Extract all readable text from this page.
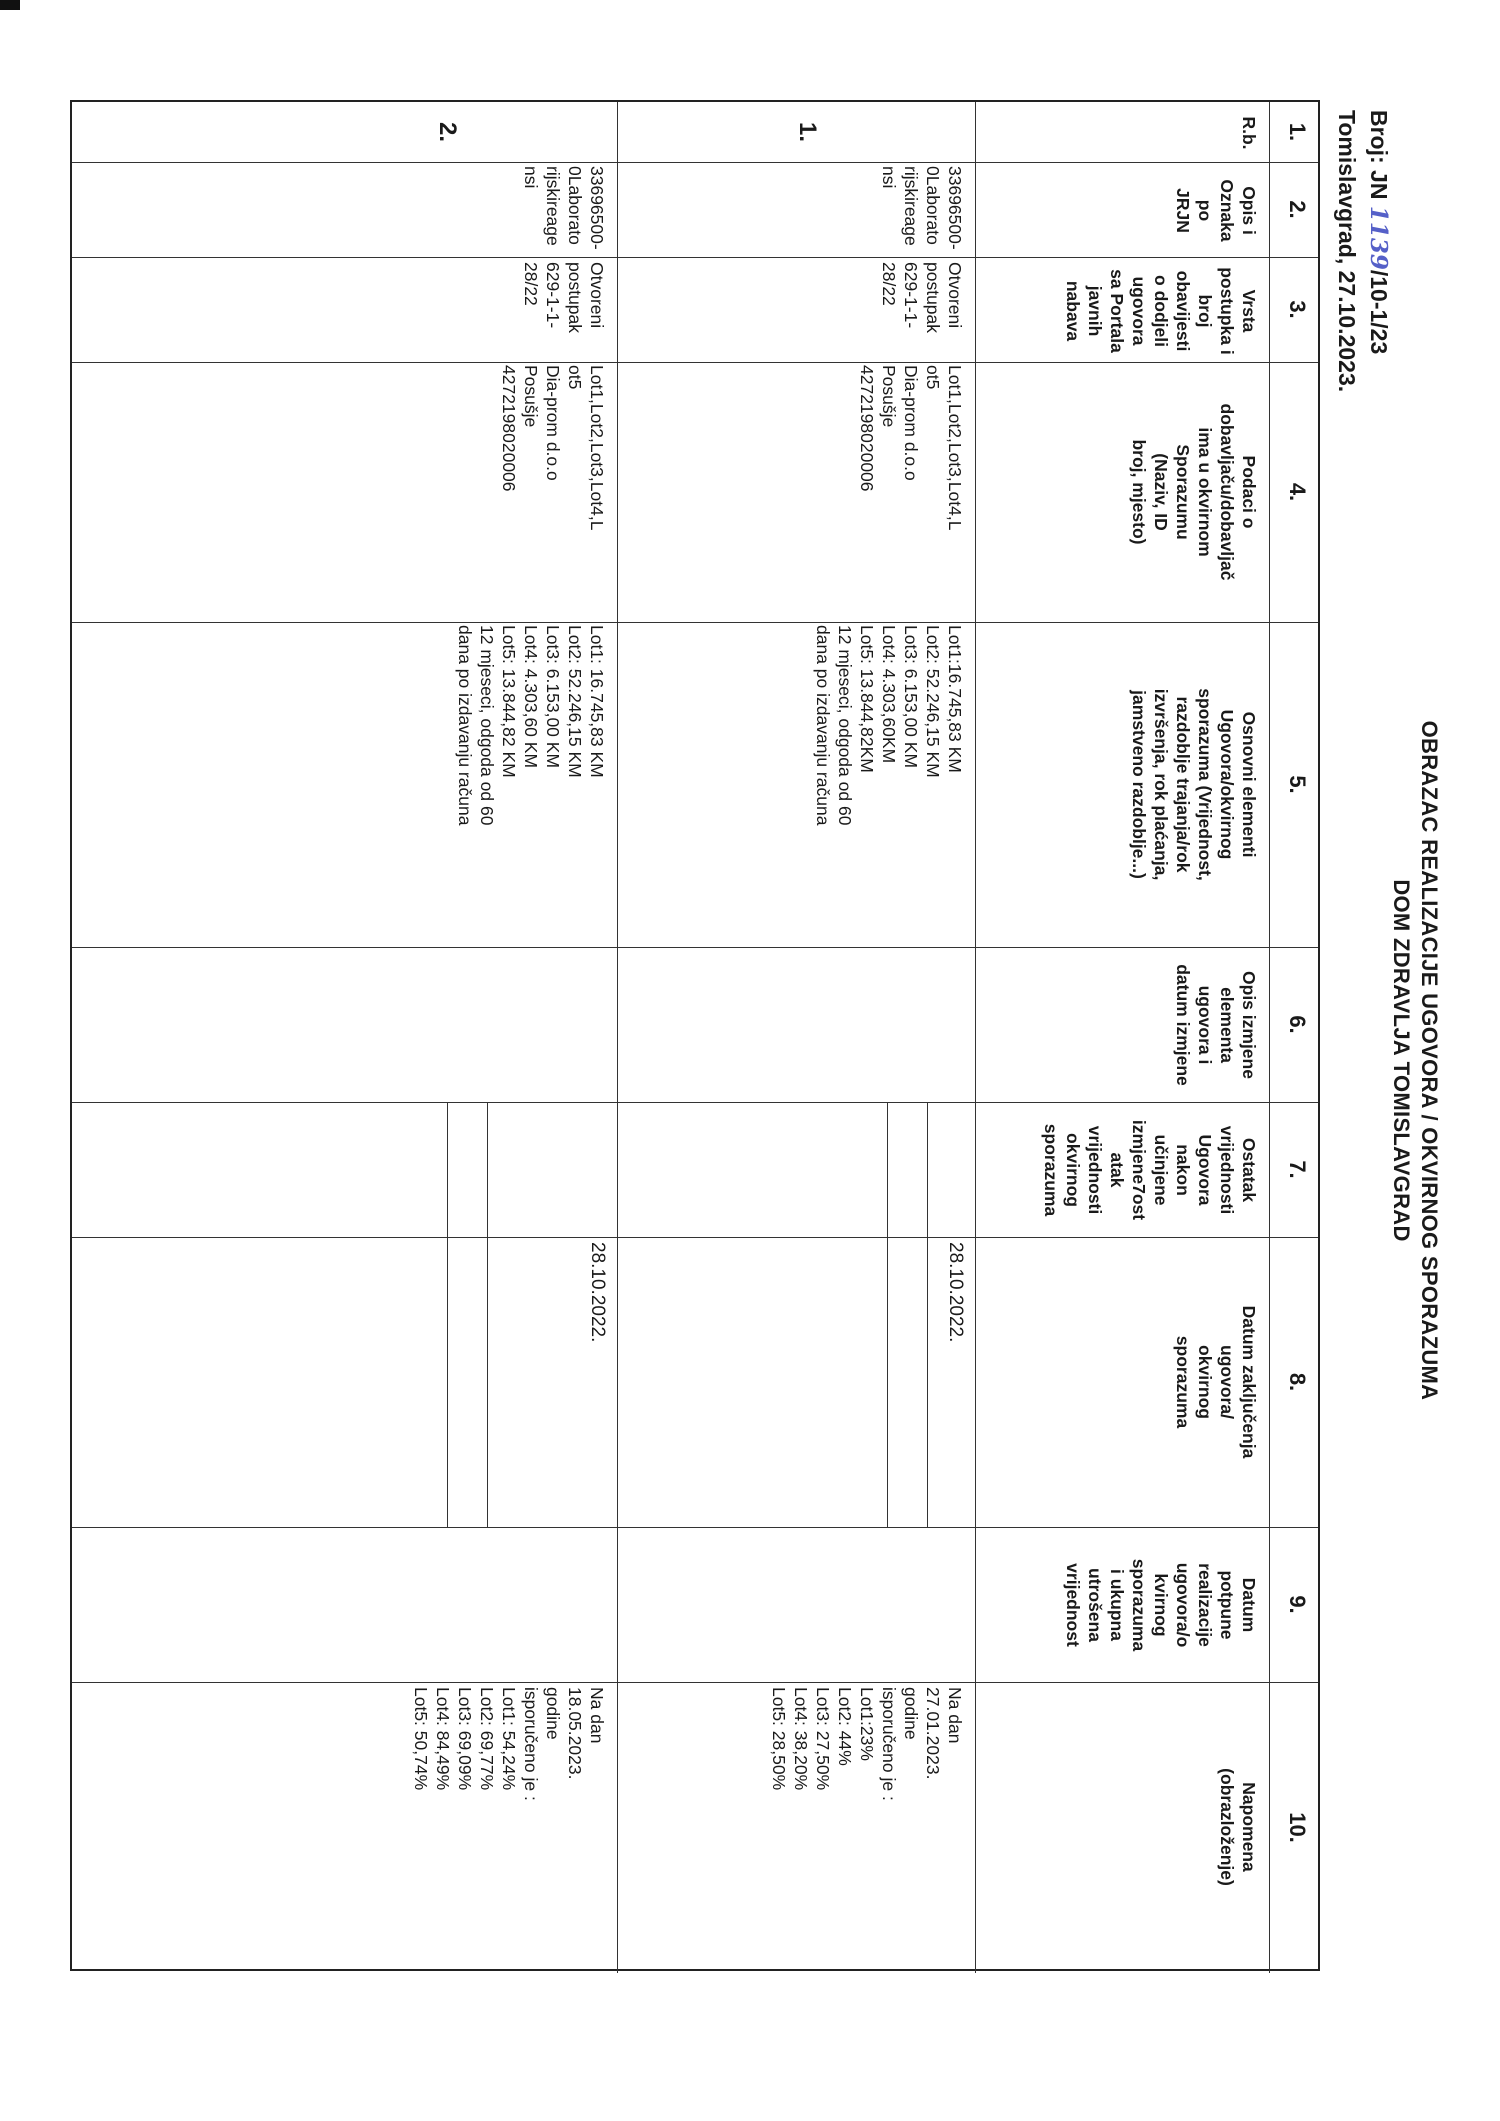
OBRAZAC REALIZACIJE UGOVORA / OKVIRNOG SPORAZUMA
DOM ZDRAVLJA TOMISLAVGRAD
Broj: JN 1139/10-1/23
Tomislavgrad, 27.10.2023.
1.
2.
3.
4.
5.
6.
7.
8.
9.
10.
R.b.
Opis i
Oznaka
po
JRJN
Vrsta
postupka i
broj
obavijesti
o dodjeli
ugovora
sa Portala
javnih
nabava
Podaci o
dobavljaču/dobavljač
ima u okvirnom
Sporazumu
(Naziv, ID
broj, mjesto)
Osnovni elementi
Ugovora/okvirnog
sporazuma (Vrijednost,
razdoblje trajanja/rok
izvršenja, rok plaćanja,
jamstveno razdoblje...)
Opis izmjene
elementa
ugovora i
datum izmjene
Ostatak
vrijednosti
Ugovora
nakon
učinjene
izmjene7ost
atak
vrijednosti
okvirnog
sporazuma
Datum zaključenja
ugovora/
okvirnog
sporazuma
Datum
potpune
realizacije
ugovora/o
kvirnog
sporazuma
i ukupna
utrošena
vrijednost
Napomena
(obrazloženje)
1.
33696500-
0Laborato
rijskireage
nsi
Otvoreni
postupak
629-1-1-
28/22
Lot1,Lot2,Lot3,Lot4,L
ot5
Dia-prom d.o.o
Posušje
4272198020006
Lot1:16.745,83 KM
Lot2: 52.246,15 KM
Lot3: 6.153,00 KM
Lot4: 4.303,60KM
Lot5: 13.844,82KM
12 mjeseci, odgoda od 60
dana po izdavanju računa
28.10.2022.
Na dan
27.01.2023.
godine
isporučeno je :
Lot1:23%
Lot2: 44%
Lot3: 27,50%
Lot4: 38,20%
Lot5: 28,50%
2.
33696500-
0Laborato
rijskireage
nsi
Otvoreni
postupak
629-1-1-
28/22
Lot1,Lot2,Lot3,Lot4,L
ot5
Dia-prom d.o.o
Posušje
4272198020006
Lot1: 16.745,83 KM
Lot2: 52.246,15 KM
Lot3: 6.153,00 KM
Lot4: 4.303,60 KM
Lot5: 13.844,82 KM
12 mjeseci, odgoda od 60
dana po izdavanju računa
28.10.2022.
Na dan
18.05.2023.
godine
isporučeno je :
Lot1: 54,24%
Lot2: 69,77%
Lot3: 69,09%
Lot4: 84,49%
Lot5: 50,74%
